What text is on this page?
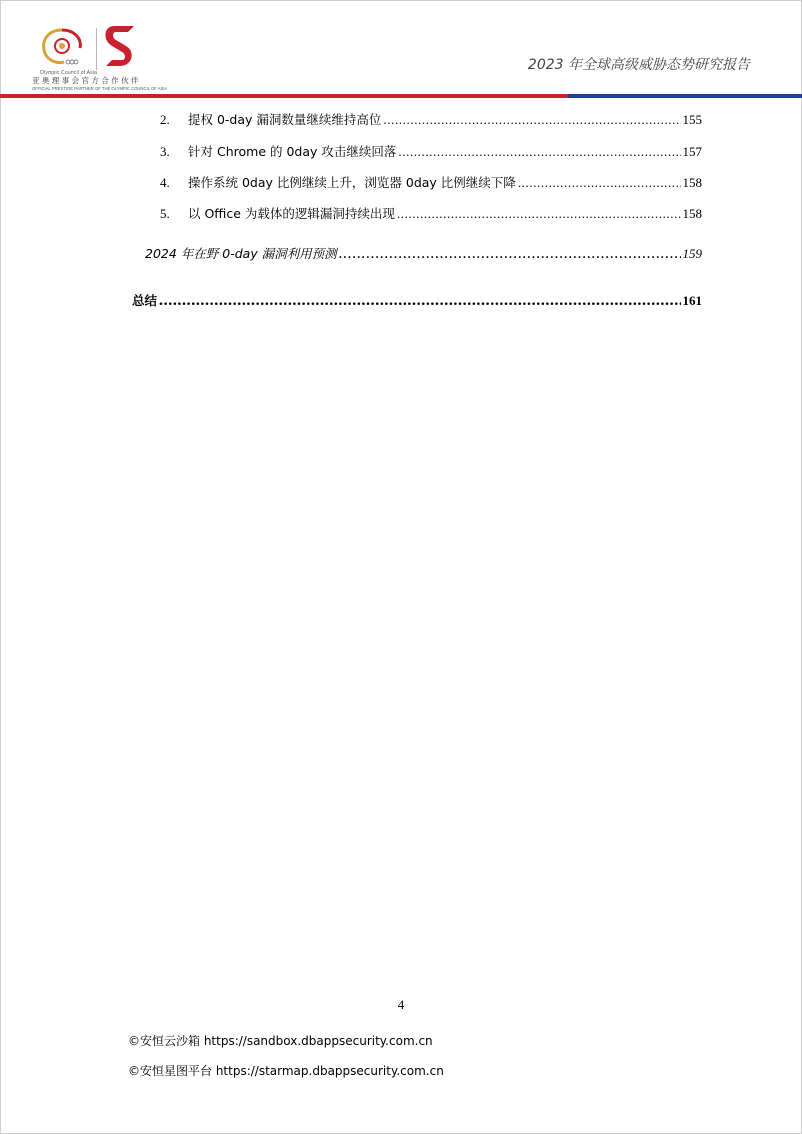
Olympic Council of Asia
亚奥理事会官方合作伙伴
OFFICIAL PRESTIGE PARTNER OF THE OLYMPIC COUNCIL OF ASIA
2023 年全球高级威胁态势研究报告
2.	提权 0-day 漏洞数量继续维持高位 .....	155
3.	针对 Chrome 的 0day 攻击继续回落 .....	157
4.	操作系统 0day 比例继续上升，浏览器 0day 比例继续下降 .....	158
5.	以 Office 为载体的逻辑漏洞持续出现 .....	158
2024 年在野 0-day 漏洞利用预测 .....	159
总结 .....	161
4
©安恒云沙箱 https://sandbox.dbappsecurity.com.cn
©安恒星图平台 https://starmap.dbappsecurity.com.cn
